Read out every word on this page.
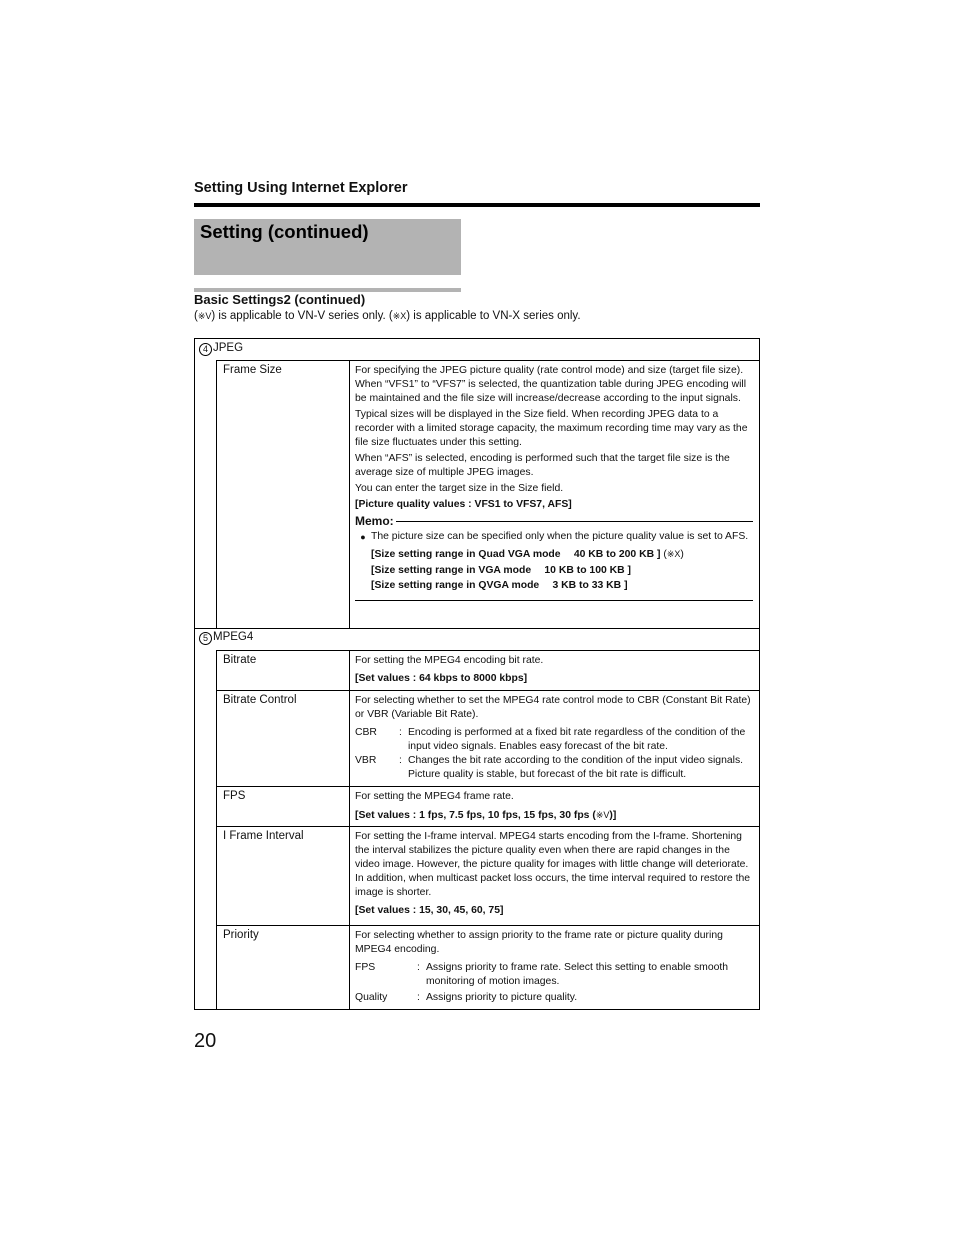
Setting Using Internet Explorer
Setting (continued)
Basic Settings2 (continued)
(※V) is applicable to VN-V series only. (※X) is applicable to VN-X series only.
4 JPEG
Frame Size	For specifying the JPEG picture quality (rate control mode) and size (target file size). When “VFS1” to “VFS7” is selected, the quantization table during JPEG encoding will be maintained and the file size will increase/decrease according to the input signals.

Typical sizes will be displayed in the Size field. When recording JPEG data to a recorder with a limited storage capacity, the maximum recording time may vary as the file size fluctuates under this setting.

When “AFS” is selected, encoding is performed such that the target file size is the average size of multiple JPEG images.

You can enter the target size in the Size field.

[Picture quality values : VFS1 to VFS7, AFS]

Memo:
● The picture size can be specified only when the picture quality value is set to AFS.
[Size setting range in Quad VGA mode  40 KB to 200 KB ] (※X)
[Size setting range in VGA mode  10 KB to 100 KB ]
[Size setting range in QVGA mode  3 KB to 33 KB ]
5 MPEG4
Bitrate	For setting the MPEG4 encoding bit rate.

[Set values : 64 kbps to 8000 kbps]

Bitrate Control	For selecting whether to set the MPEG4 rate control mode to CBR (Constant Bit Rate) or VBR (Variable Bit Rate).

CBR	: Encoding is performed at a fixed bit rate regardless of the condition of the input video signals. Enables easy forecast of the bit rate.
VBR	: Changes the bit rate according to the condition of the input video signals. Picture quality is stable, but forecast of the bit rate is difficult.
FPS	For setting the MPEG4 frame rate.

[Set values : 1 fps, 7.5 fps, 10 fps, 15 fps, 30 fps (※V)]

I Frame Interval	For setting the I-frame interval. MPEG4 starts encoding from the I-frame. Shortening the interval stabilizes the picture quality even when there are rapid changes in the video image. However, the picture quality for images with little change will deteriorate. In addition, when multicast packet loss occurs, the time interval required to restore the image is shorter.

[Set values : 15, 30, 45, 60, 75]

Priority	For selecting whether to assign priority to the frame rate or picture quality during MPEG4 encoding.

FPS	: Assigns priority to frame rate. Select this setting to enable smooth monitoring of motion images.
Quality	: Assigns priority to picture quality.
20
